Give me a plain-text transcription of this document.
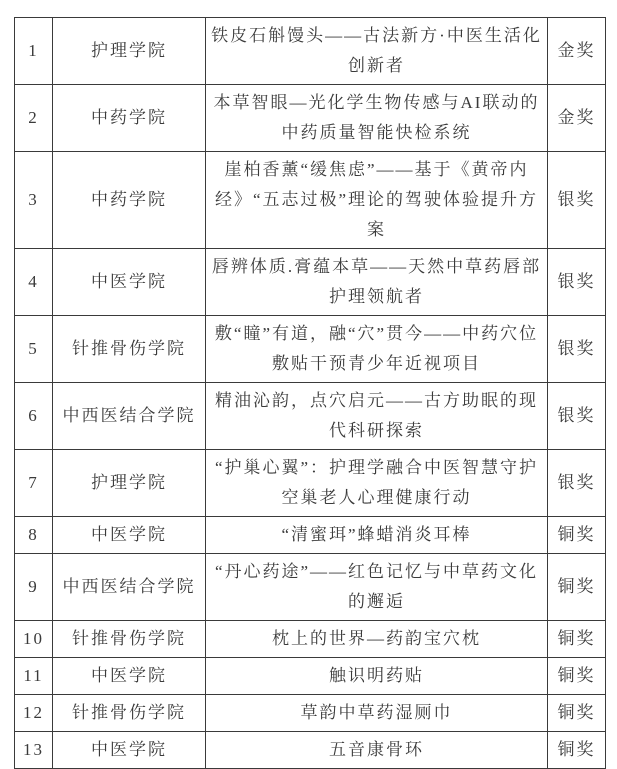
1	护理学院	铁皮石斛馒头——古法新方·中医生活化创新者	金奖
2	中药学院	本草智眼—光化学生物传感与AI联动的中药质量智能快检系统	金奖
3	中药学院	崖柏香薰“缓焦虑”——基于《黄帝内经》“五志过极”理论的驾驶体验提升方案	银奖
4	中医学院	唇辨体质.膏蕴本草——天然中草药唇部护理领航者	银奖
5	针推骨伤学院	敷“瞳”有道，融“穴”贯今——中药穴位敷贴干预青少年近视项目	银奖
6	中西医结合学院	精油沁韵，点穴启元——古方助眠的现代科研探索	银奖
7	护理学院	“护巢心翼”：护理学融合中医智慧守护空巢老人心理健康行动	银奖
8	中医学院	“清蜜珥”蜂蜡消炎耳棒	铜奖
9	中西医结合学院	“丹心药途”——红色记忆与中草药文化的邂逅	铜奖
10	针推骨伤学院	枕上的世界—药韵宝穴枕	铜奖
11	中医学院	触识明药贴	铜奖
12	针推骨伤学院	草韵中草药湿厕巾	铜奖
13	中医学院	五音康骨环	铜奖
